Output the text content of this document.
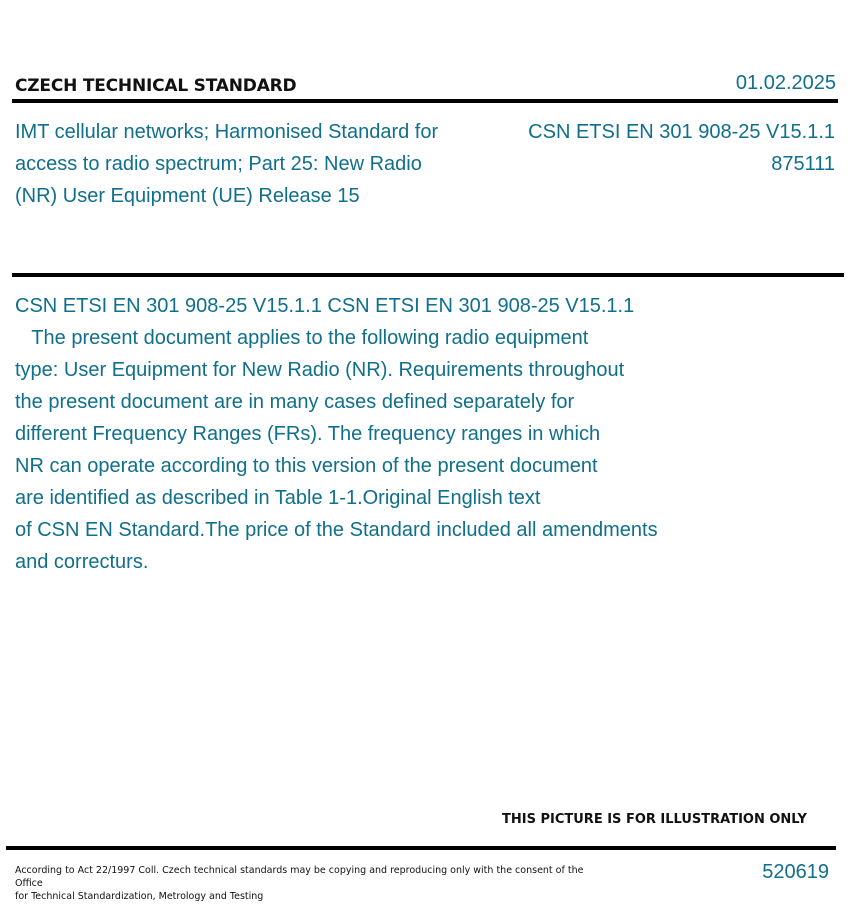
CZECH TECHNICAL STANDARD	01.02.2025
IMT cellular networks; Harmonised Standard for
access to radio spectrum; Part 25: New Radio
(NR) User Equipment (UE) Release 15
CSN ETSI EN 301 908-25 V15.1.1
875111

CSN ETSI EN 301 908-25 V15.1.1 CSN ETSI EN 301 908-25 V15.1.1

The present document applies to the following radio equipment

type: User Equipment for New Radio (NR). Requirements throughout

the present document are in many cases defined separately for

different Frequency Ranges (FRs). The frequency ranges in which

NR can operate according to this version of the present document

are identified as described in Table 1-1.Original English text

of CSN EN Standard.The price of the Standard included all amendments

and correcturs.

THIS PICTURE IS FOR ILLUSTRATION ONLY
According to Act 22/1997 Coll. Czech technical standards may be copying and reproducing only with the consent of the Office
for Technical Standardization, Metrology and Testing
520619
